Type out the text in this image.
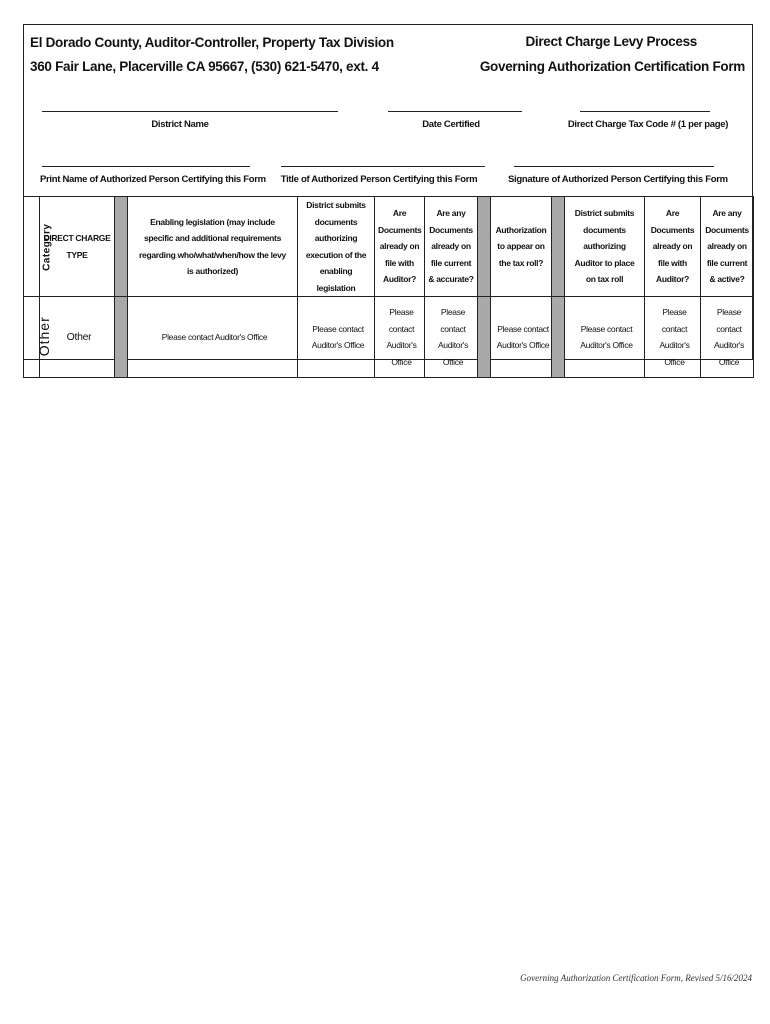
El Dorado County, Auditor-Controller, Property Tax Division
360 Fair Lane, Placerville CA 95667, (530) 621-5470, ext. 4
Direct Charge Levy Process
Governing Authorization Certification Form
District Name	Date Certified	Direct Charge Tax Code # (1 per page)
Print Name of Authorized Person Certifying this Form	Title of Authorized Person Certifying this Form	Signature of Authorized Person Certifying this Form
Category	DIRECT CHARGE TYPE		Enabling legislation (may include specific and additional requirements regarding who/what/when/how the levy is authorized)	District submits documents authorizing execution of the enabling legislation	Are Documents already on file with Auditor?	Are any Documents already on file current & accurate?		Authorization to appear on the tax roll?		District submits documents authorizing Auditor to place on tax roll	Are Documents already on file with Auditor?	Are any Documents already on file current & active?
Other	Other		Please contact Auditor's Office	Please contact Auditor's Office	Please contact Auditor's Office	Please contact Auditor's Office		Please contact Auditor's Office		Please contact Auditor's Office	Please contact Auditor's Office	Please contact Auditor's Office
Governing Authorization Certification Form, Revised 5/16/2024
